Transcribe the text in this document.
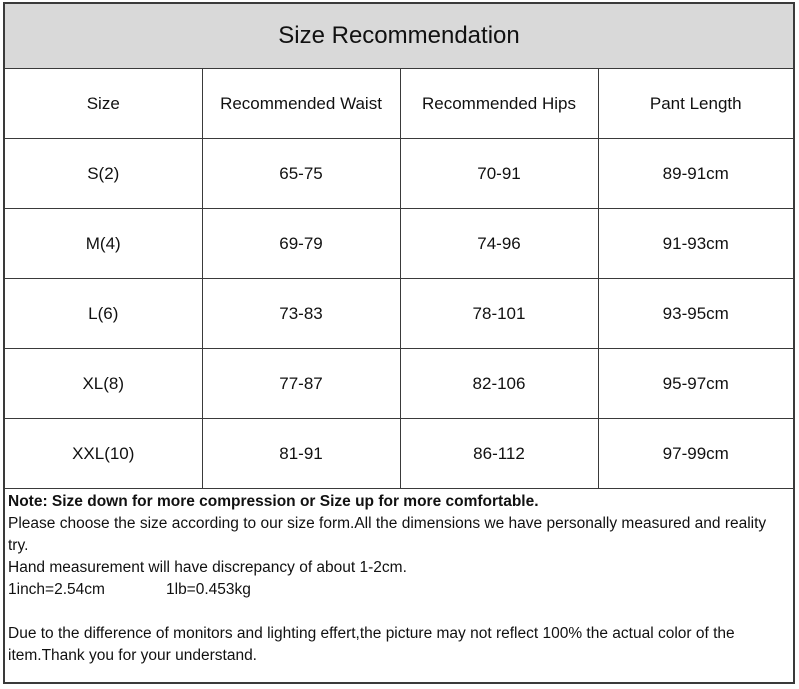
Size Recommendation
Size	Recommended Waist	Recommended Hips	Pant Length
S(2)	65-75	70-91	89-91cm
M(4)	69-79	74-96	91-93cm
L(6)	73-83	78-101	93-95cm
XL(8)	77-87	82-106	95-97cm
XXL(10)	81-91	86-112	97-99cm

Note: Size down for more compression or Size up for more comfortable.

Please choose the size according to our size form.All the dimensions we have personally measured and reality try.

Hand measurement will have discrepancy of about 1-2cm.

1inch=2.54cm	1lb=0.453kg

Due to the difference of monitors and lighting effert,the picture may not reflect 100% the actual color of the item.Thank you for your understand.
